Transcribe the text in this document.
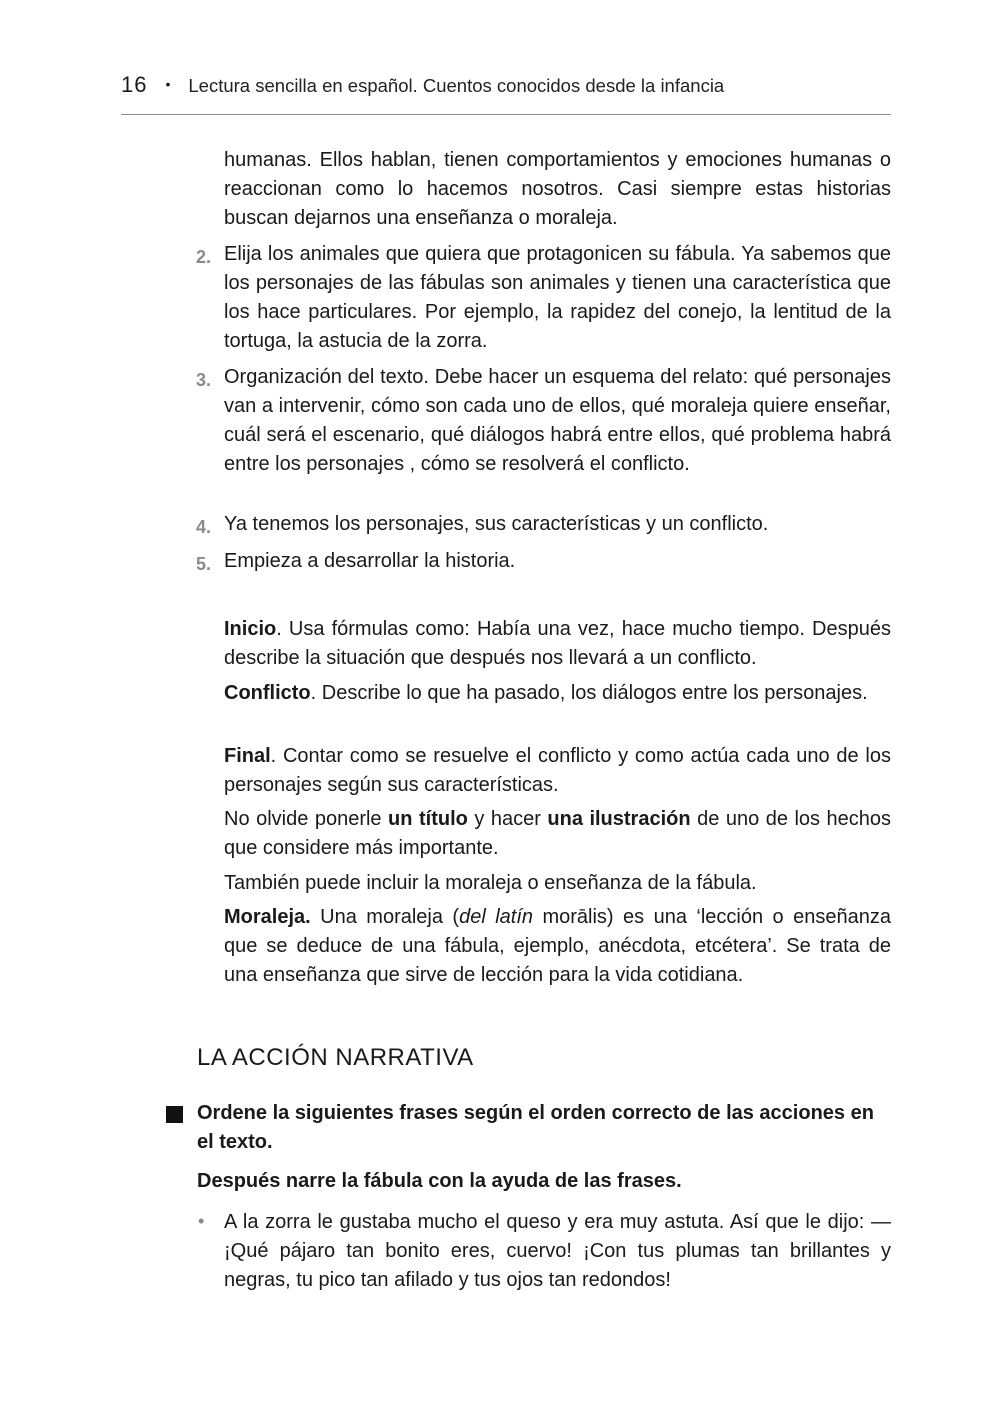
16 • Lectura sencilla en español. Cuentos conocidos desde la infancia
humanas. Ellos hablan, tienen comportamientos y emociones humanas o reaccionan como lo hacemos nosotros. Casi siempre estas historias buscan dejarnos una enseñanza o moraleja.
2. Elija los animales que quiera que protagonicen su fábula. Ya sabemos que los personajes de las fábulas son animales y tienen una característica que los hace particulares. Por ejemplo, la rapidez del conejo, la lentitud de la tortuga, la astucia de la zorra.
3. Organización del texto. Debe hacer un esquema del relato: qué personajes van a intervenir, cómo son cada uno de ellos, qué moraleja quiere enseñar, cuál será el escenario, qué diálogos habrá entre ellos, qué problema habrá entre los personajes , cómo se resolverá el conflicto.
4. Ya tenemos los personajes, sus características y un conflicto.
5. Empieza a desarrollar la historia.
Inicio. Usa fórmulas como: Había una vez, hace mucho tiempo. Después describe la situación que después nos llevará a un conflicto.
Conflicto. Describe lo que ha pasado, los diálogos entre los personajes.
Final. Contar como se resuelve el conflicto y como actúa cada uno de los personajes según sus características.
No olvide ponerle un título y hacer una ilustración de uno de los hechos que considere más importante.
También puede incluir la moraleja o enseñanza de la fábula.
Moraleja. Una moraleja (del latín morālis) es una ‘lección o enseñanza que se deduce de una fábula, ejemplo, anécdota, etcétera’. Se trata de una enseñanza que sirve de lección para la vida cotidiana.
LA ACCIÓN NARRATIVA
Ordene la siguientes frases según el orden correcto de las acciones en el texto.
Después narre la fábula con la ayuda de las frases.
• A la zorra le gustaba mucho el queso y era muy astuta. Así que le dijo: — ¡Qué pájaro tan bonito eres, cuervo! ¡Con tus plumas tan brillantes y negras, tu pico tan afilado y tus ojos tan redondos!
